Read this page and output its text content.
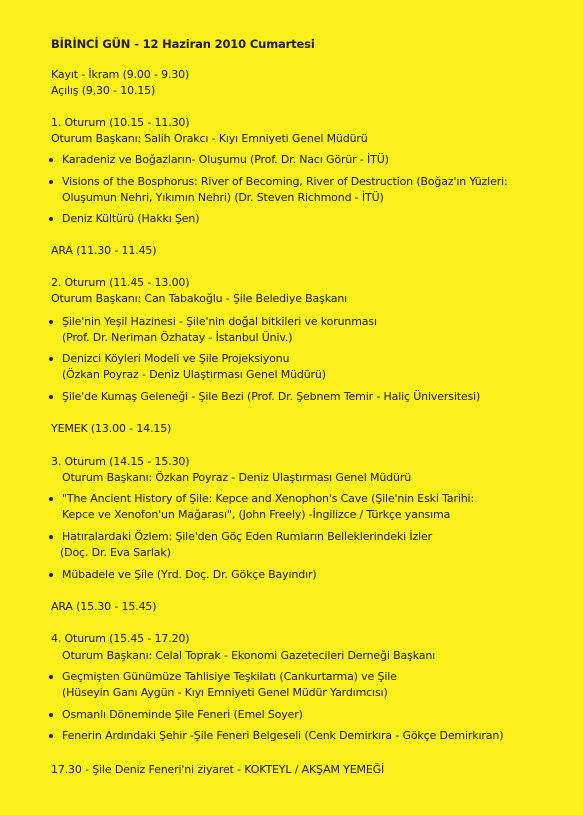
BİRİNCİ GÜN - 12 Haziran 2010 Cumartesi
Kayıt - İkram (9.00 - 9.30)
Açılış (9.30 - 10.15)
1. Oturum (10.15 - 11.30)
Oturum Başkanı: Salih Orakcı - Kıyı Emniyeti Genel Müdürü
Karadeniz ve Boğazların- Oluşumu (Prof. Dr. Nacı Görür - İTÜ)
Visions of the Bosphorus: River of Becoming, River of Destruction (Boğaz'ın Yüzleri:
Oluşumun Nehri, Yıkımın Nehri) (Dr. Steven Richmond - İTÜ)
Deniz Kültürü (Hakkı Şen)
ARA (11.30 - 11.45)
2. Oturum (11.45 - 13.00)
Oturum Başkanı: Can Tabakoğlu - Şile Belediye Başkanı
Şile'nin Yeşil Hazinesi - Şile'nin doğal bitkileri ve korunması
(Prof. Dr. Neriman Özhatay - İstanbul Üniv.)
Denizci Köyleri Modeli ve Şile Projeksiyonu
(Özkan Poyraz - Deniz Ulaştırması Genel Müdürü)
Şile'de Kumaş Geleneği - Şile Bezi (Prof. Dr. Şebnem Temir - Haliç Üniversitesi)
YEMEK (13.00 - 14.15)
3. Oturum (14.15 - 15.30)
Oturum Başkanı: Özkan Poyraz - Deniz Ulaştırması Genel Müdürü
"The Ancient History of Şile: Kepce and Xenophon's Cave (Şile'nin Eski Tarihi:
Kepce ve Xenofon'un Mağarası", (John Freely) -İngilizce / Türkçe yansıma
Hatıralardaki Özlem: Şile'den Göç Eden Rumların Belleklerindeki İzler
(Doç. Dr. Eva Sarlak)
Mübadele ve Şile (Yrd. Doç. Dr. Gökçe Bayındır)
ARA (15.30 - 15.45)
4. Oturum (15.45 - 17.20)
Oturum Başkanı: Celal Toprak - Ekonomi Gazetecileri Derneği Başkanı
Geçmişten Günümüze Tahlisiye Teşkilatı (Cankurtarma) ve Şile
(Hüseyin Ganı Aygün - Kıyı Emniyeti Genel Müdür Yardımcısı)
Osmanlı Döneminde Şile Feneri (Emel Soyer)
Fenerin Ardındaki Şehir -Şile Feneri Belgeseli (Cenk Demirkıra - Gökçe Demirkıran)
17.30 - Şile Deniz Feneri'ni ziyaret - KOKTEYL / AKŞAM YEMEĞİ
